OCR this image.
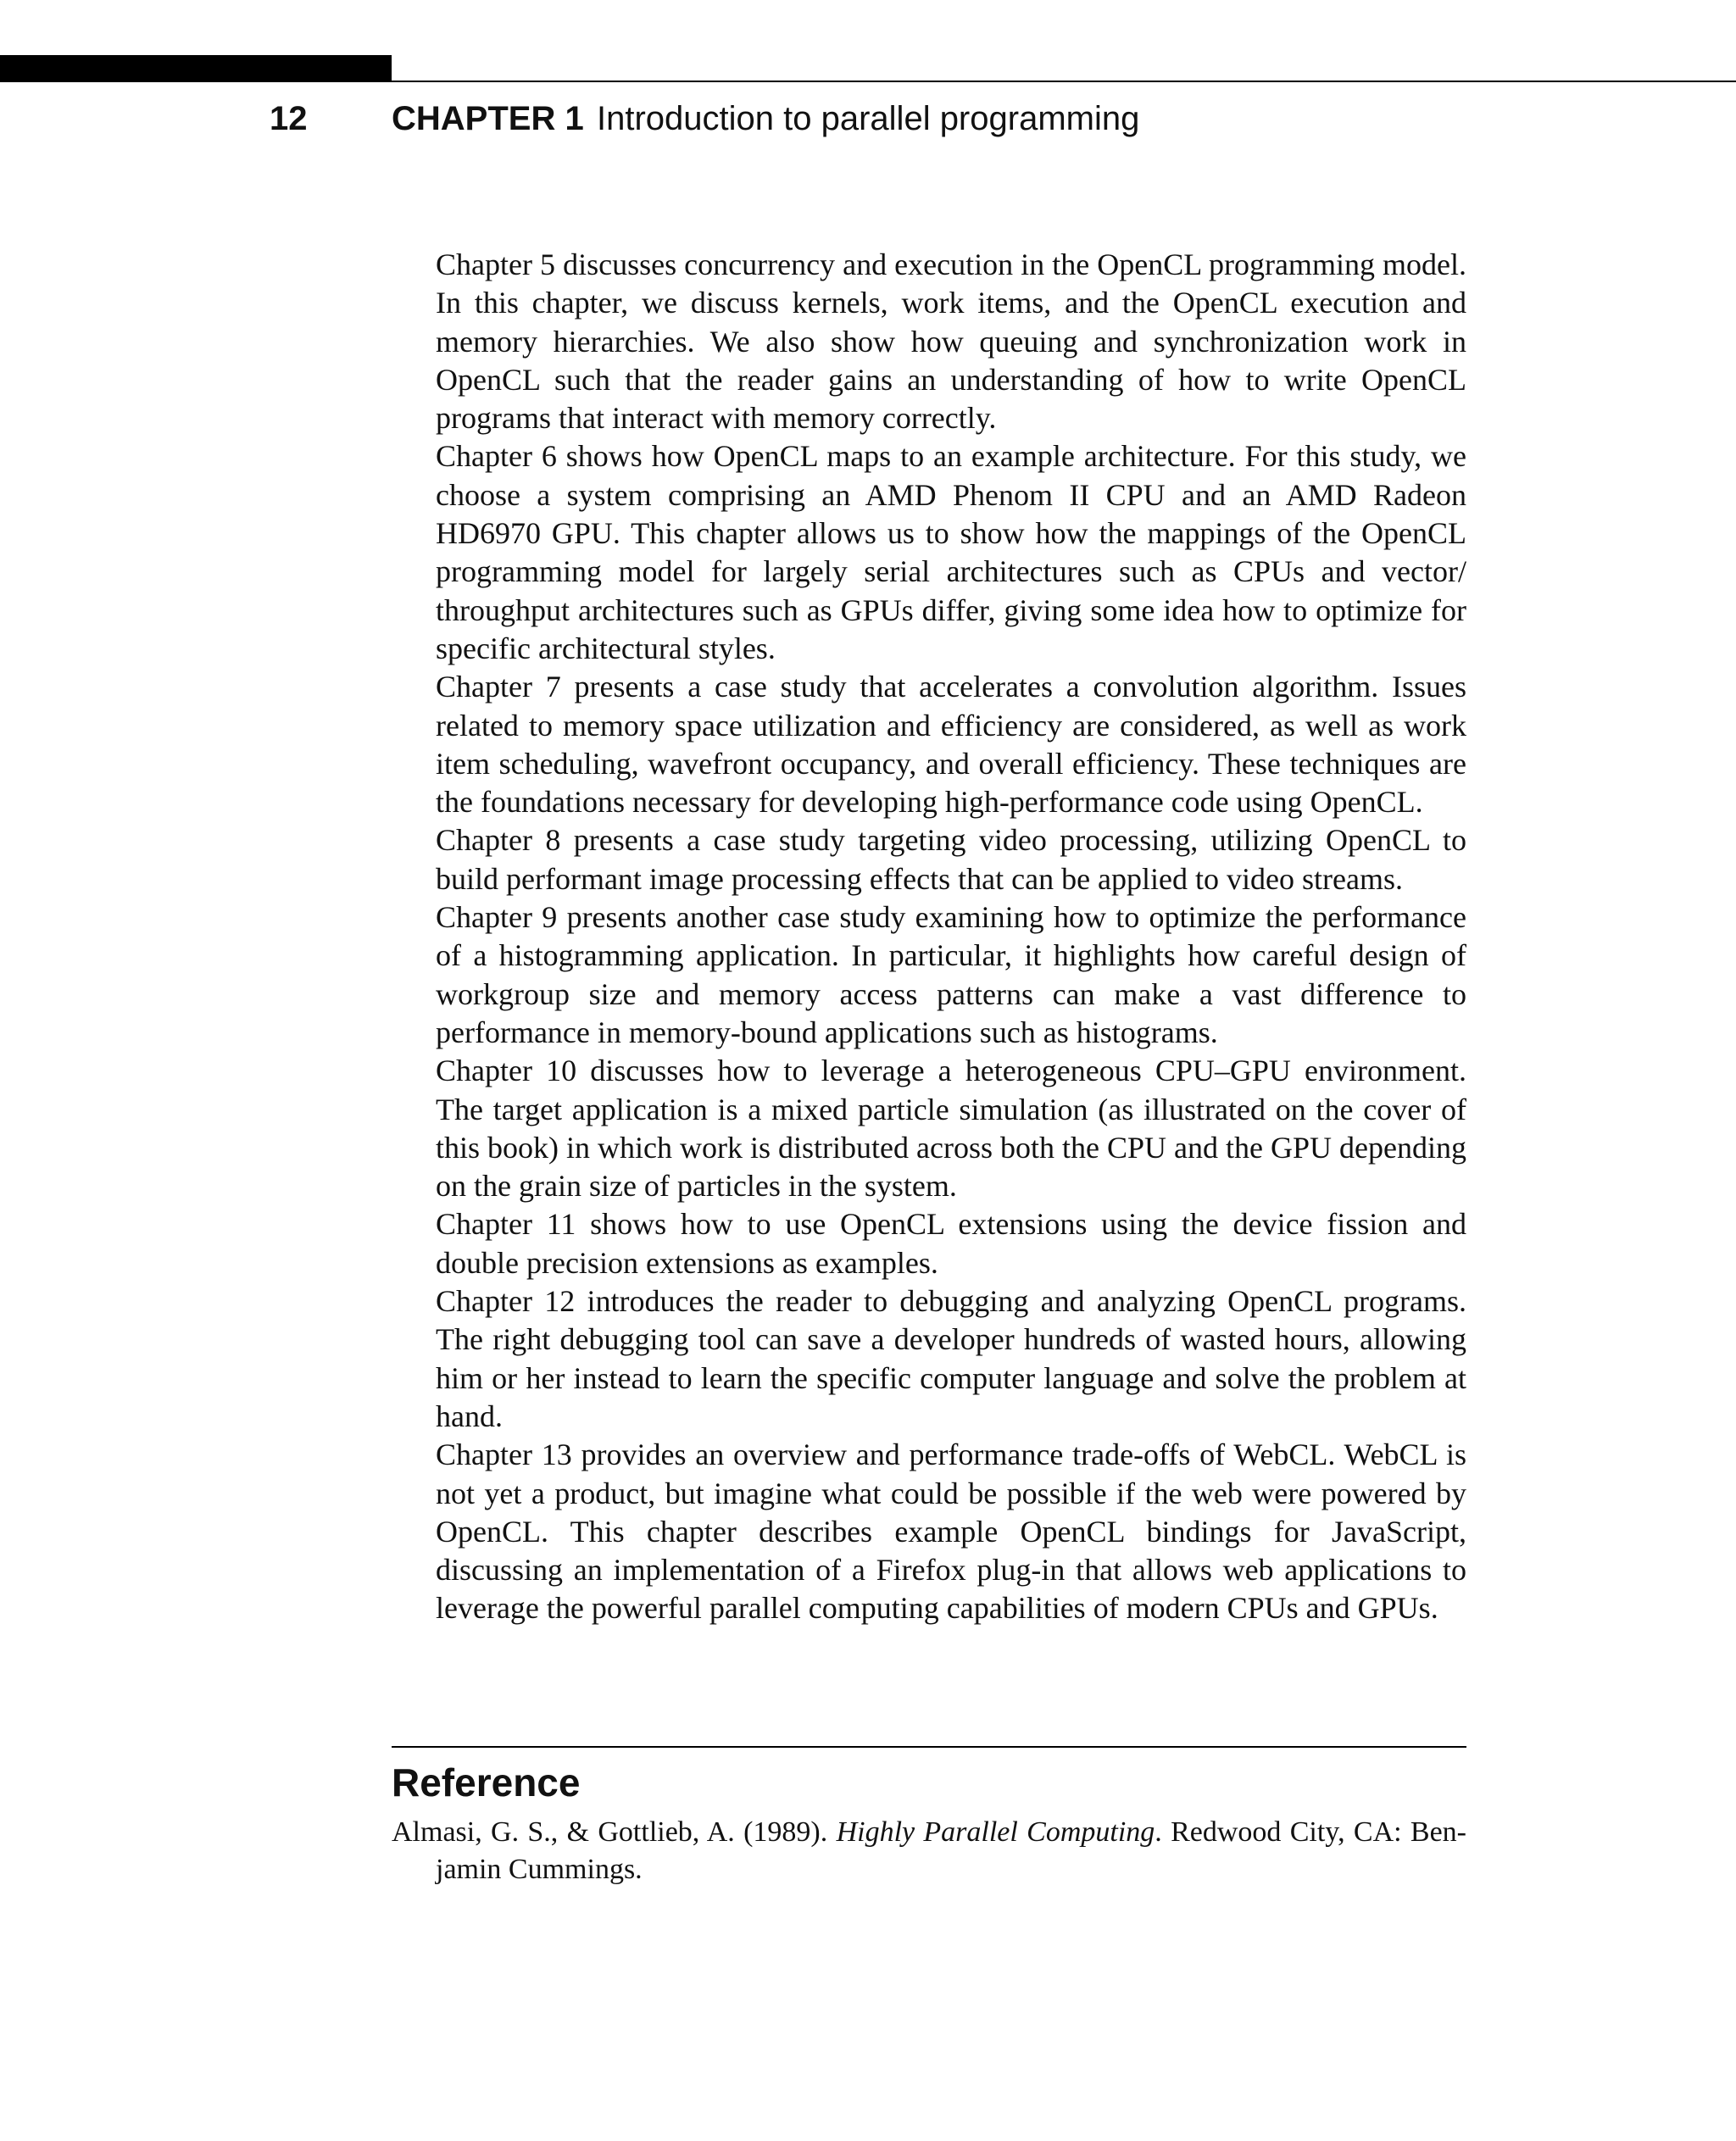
12 CHAPTER 1 Introduction to parallel programming

Chapter 5 discusses concurrency and execution in the OpenCL programming model. In this chapter, we discuss kernels, work items, and the OpenCL execution and memory hierarchies. We also show how queuing and synchronization work in OpenCL such that the reader gains an understanding of how to write OpenCL programs that interact with memory correctly.

Chapter 6 shows how OpenCL maps to an example architecture. For this study, we choose a system comprising an AMD Phenom II CPU and an AMD Radeon HD6970 GPU. This chapter allows us to show how the mappings of the OpenCL programming model for largely serial architectures such as CPUs and vector/​throughput architectures such as GPUs differ, giving some idea how to optimize for specific architectural styles.

Chapter 7 presents a case study that accelerates a convolution algorithm. Issues related to memory space utilization and efficiency are considered, as well as work item scheduling, wavefront occupancy, and overall efficiency. These techniques are the foundations necessary for developing high-performance code using OpenCL.

Chapter 8 presents a case study targeting video processing, utilizing OpenCL to build performant image processing effects that can be applied to video streams.

Chapter 9 presents another case study examining how to optimize the performance of a histogramming application. In particular, it highlights how careful design of workgroup size and memory access patterns can make a vast difference to performance in memory-bound applications such as histograms.

Chapter 10 discusses how to leverage a heterogeneous CPU–GPU environment. The target application is a mixed particle simulation (as illustrated on the cover of this book) in which work is distributed across both the CPU and the GPU depending on the grain size of particles in the system.

Chapter 11 shows how to use OpenCL extensions using the device fission and double precision extensions as examples.

Chapter 12 introduces the reader to debugging and analyzing OpenCL programs. The right debugging tool can save a developer hundreds of wasted hours, allowing him or her instead to learn the specific computer language and solve the problem at hand.

Chapter 13 provides an overview and performance trade-offs of WebCL. WebCL is not yet a product, but imagine what could be possible if the web were powered by OpenCL. This chapter describes example OpenCL bindings for JavaScript, discussing an implementation of a Firefox plug-in that allows web applications to leverage the powerful parallel computing capabilities of modern CPUs and GPUs.

Reference

Almasi, G. S., & Gottlieb, A. (1989). Highly Parallel Computing. Redwood City, CA: Benjamin Cummings.
